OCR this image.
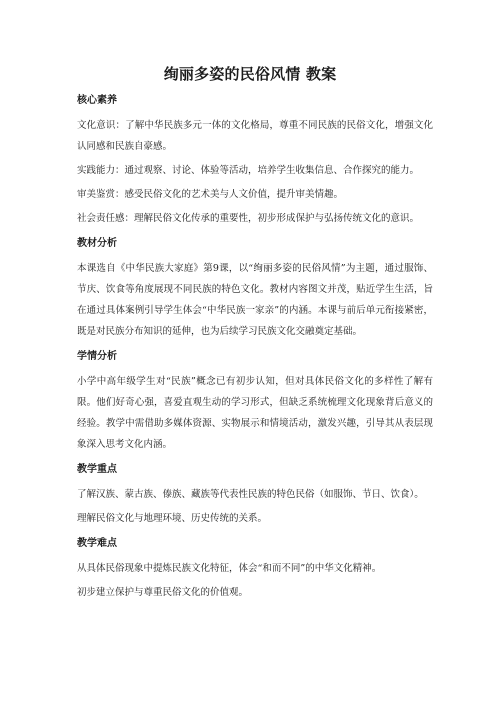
绚丽多姿的民俗风情 教案
核心素养

文化意识：了解中华民族多元一体的文化格局，尊重不同民族的民俗文化，增强文化认同感和民族自豪感。

实践能力：通过观察、讨论、体验等活动，培养学生收集信息、合作探究的能力。

审美鉴赏：感受民俗文化的艺术美与人文价值，提升审美情趣。

社会责任感：理解民俗文化传承的重要性，初步形成保护与弘扬传统文化的意识。

教材分析

本课选自《中华民族大家庭》第9课，以“绚丽多姿的民俗风情”为主题，通过服饰、节庆、饮食等角度展现不同民族的特色文化。教材内容图文并茂，贴近学生生活，旨在通过具体案例引导学生体会“中华民族一家亲”的内涵。本课与前后单元衔接紧密，既是对民族分布知识的延伸，也为后续学习民族文化交融奠定基础。

学情分析

小学中高年级学生对“民族”概念已有初步认知，但对具体民俗文化的多样性了解有限。他们好奇心强，喜爱直观生动的学习形式，但缺乏系统梳理文化现象背后意义的经验。教学中需借助多媒体资源、实物展示和情境活动，激发兴趣，引导其从表层现象深入思考文化内涵。

教学重点

了解汉族、蒙古族、傣族、藏族等代表性民族的特色民俗（如服饰、节日、饮食）。

理解民俗文化与地理环境、历史传统的关系。

教学难点

从具体民俗现象中提炼民族文化特征，体会“和而不同”的中华文化精神。

初步建立保护与尊重民俗文化的价值观。
